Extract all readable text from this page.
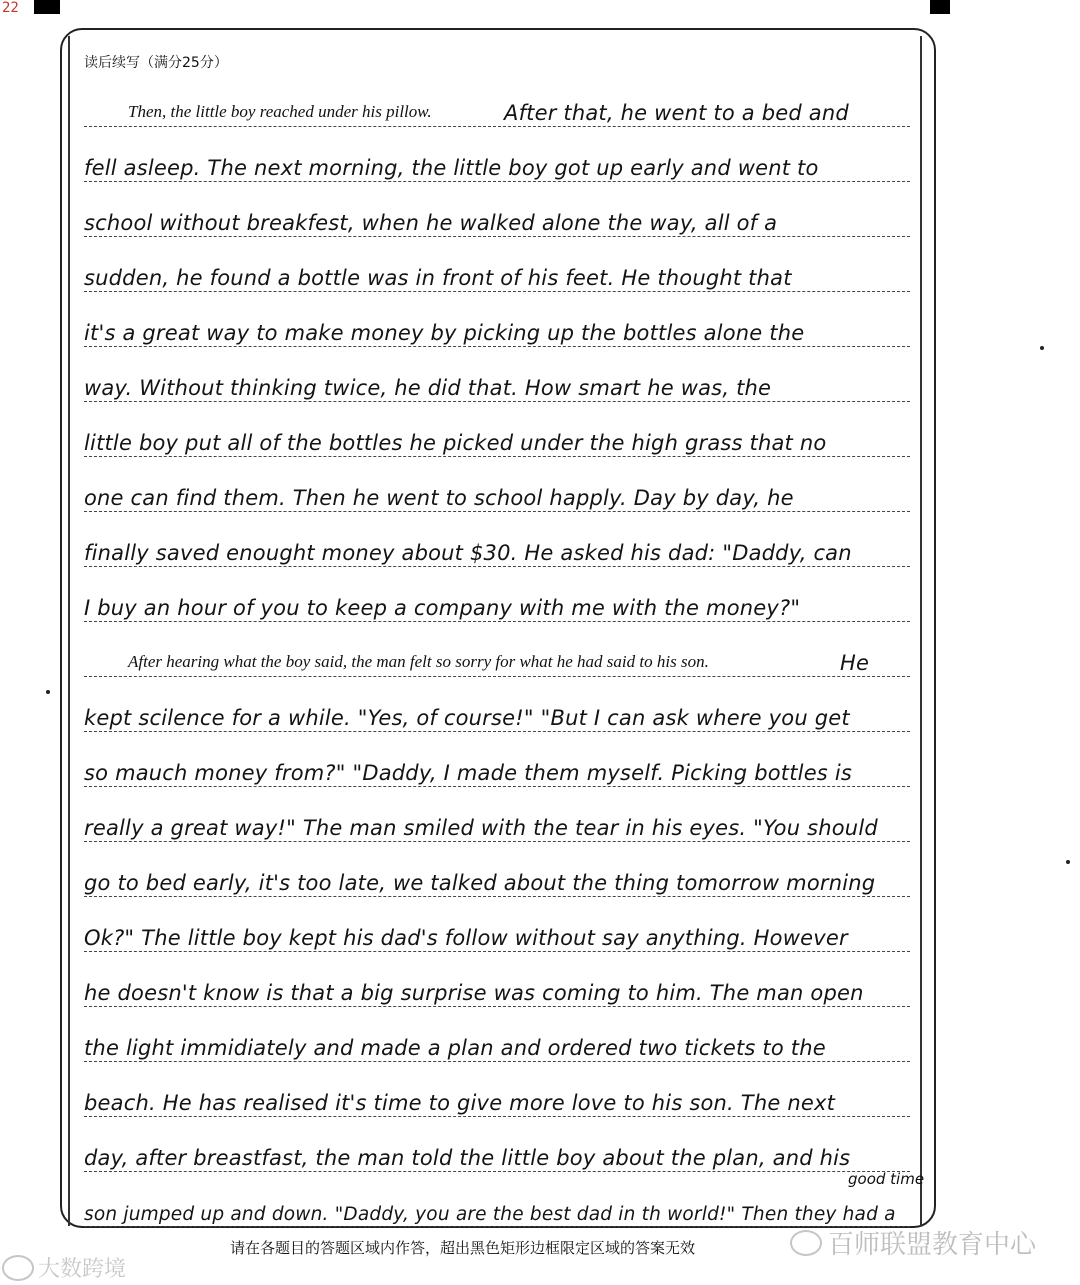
22
读后续写（满分25分）
Then, the little boy reached under his pillow.	After that, he went to a bed and
fell asleep. The next morning, the little boy got up early and went to
school without breakfest, when he walked alone the way, all of a
sudden, he found a bottle was in front of his feet. He thought that
it's a great way to make money by picking up the bottles alone the
way. Without thinking twice, he did that. How smart he was, the
little boy put all of the bottles he picked under the high grass that no
one can find them. Then he went to school happly. Day by day, he
finally saved enought money about $30. He asked his dad: "Daddy, can
I buy an hour of you to keep a company with me with the money?"
After hearing what the boy said, the man felt so sorry for what he had said to his son.	He
kept scilence for a while. "Yes, of course!" "But I can ask where you get
so mauch money from?" "Daddy, I made them myself. Picking bottles is
really a great way!" The man smiled with the tear in his eyes. "You should
go to bed early, it's too late, we talked about the thing tomorrow morning
Ok?" The little boy kept his dad's follow without say anything. However
he doesn't know is that a big surprise was coming to him. The man open
the light immidiately and made a plan and ordered two tickets to the
beach. He has realised it's time to give more love to his son. The next
day, after breastfast, the man told the little boy about the plan, and his
son jumped up and down. "Daddy, you are the best dad in th world!" Then they had a
good time
请在各题目的答题区域内作答，超出黑色矩形边框限定区域的答案无效	百师联盟教育中心
大数跨境
